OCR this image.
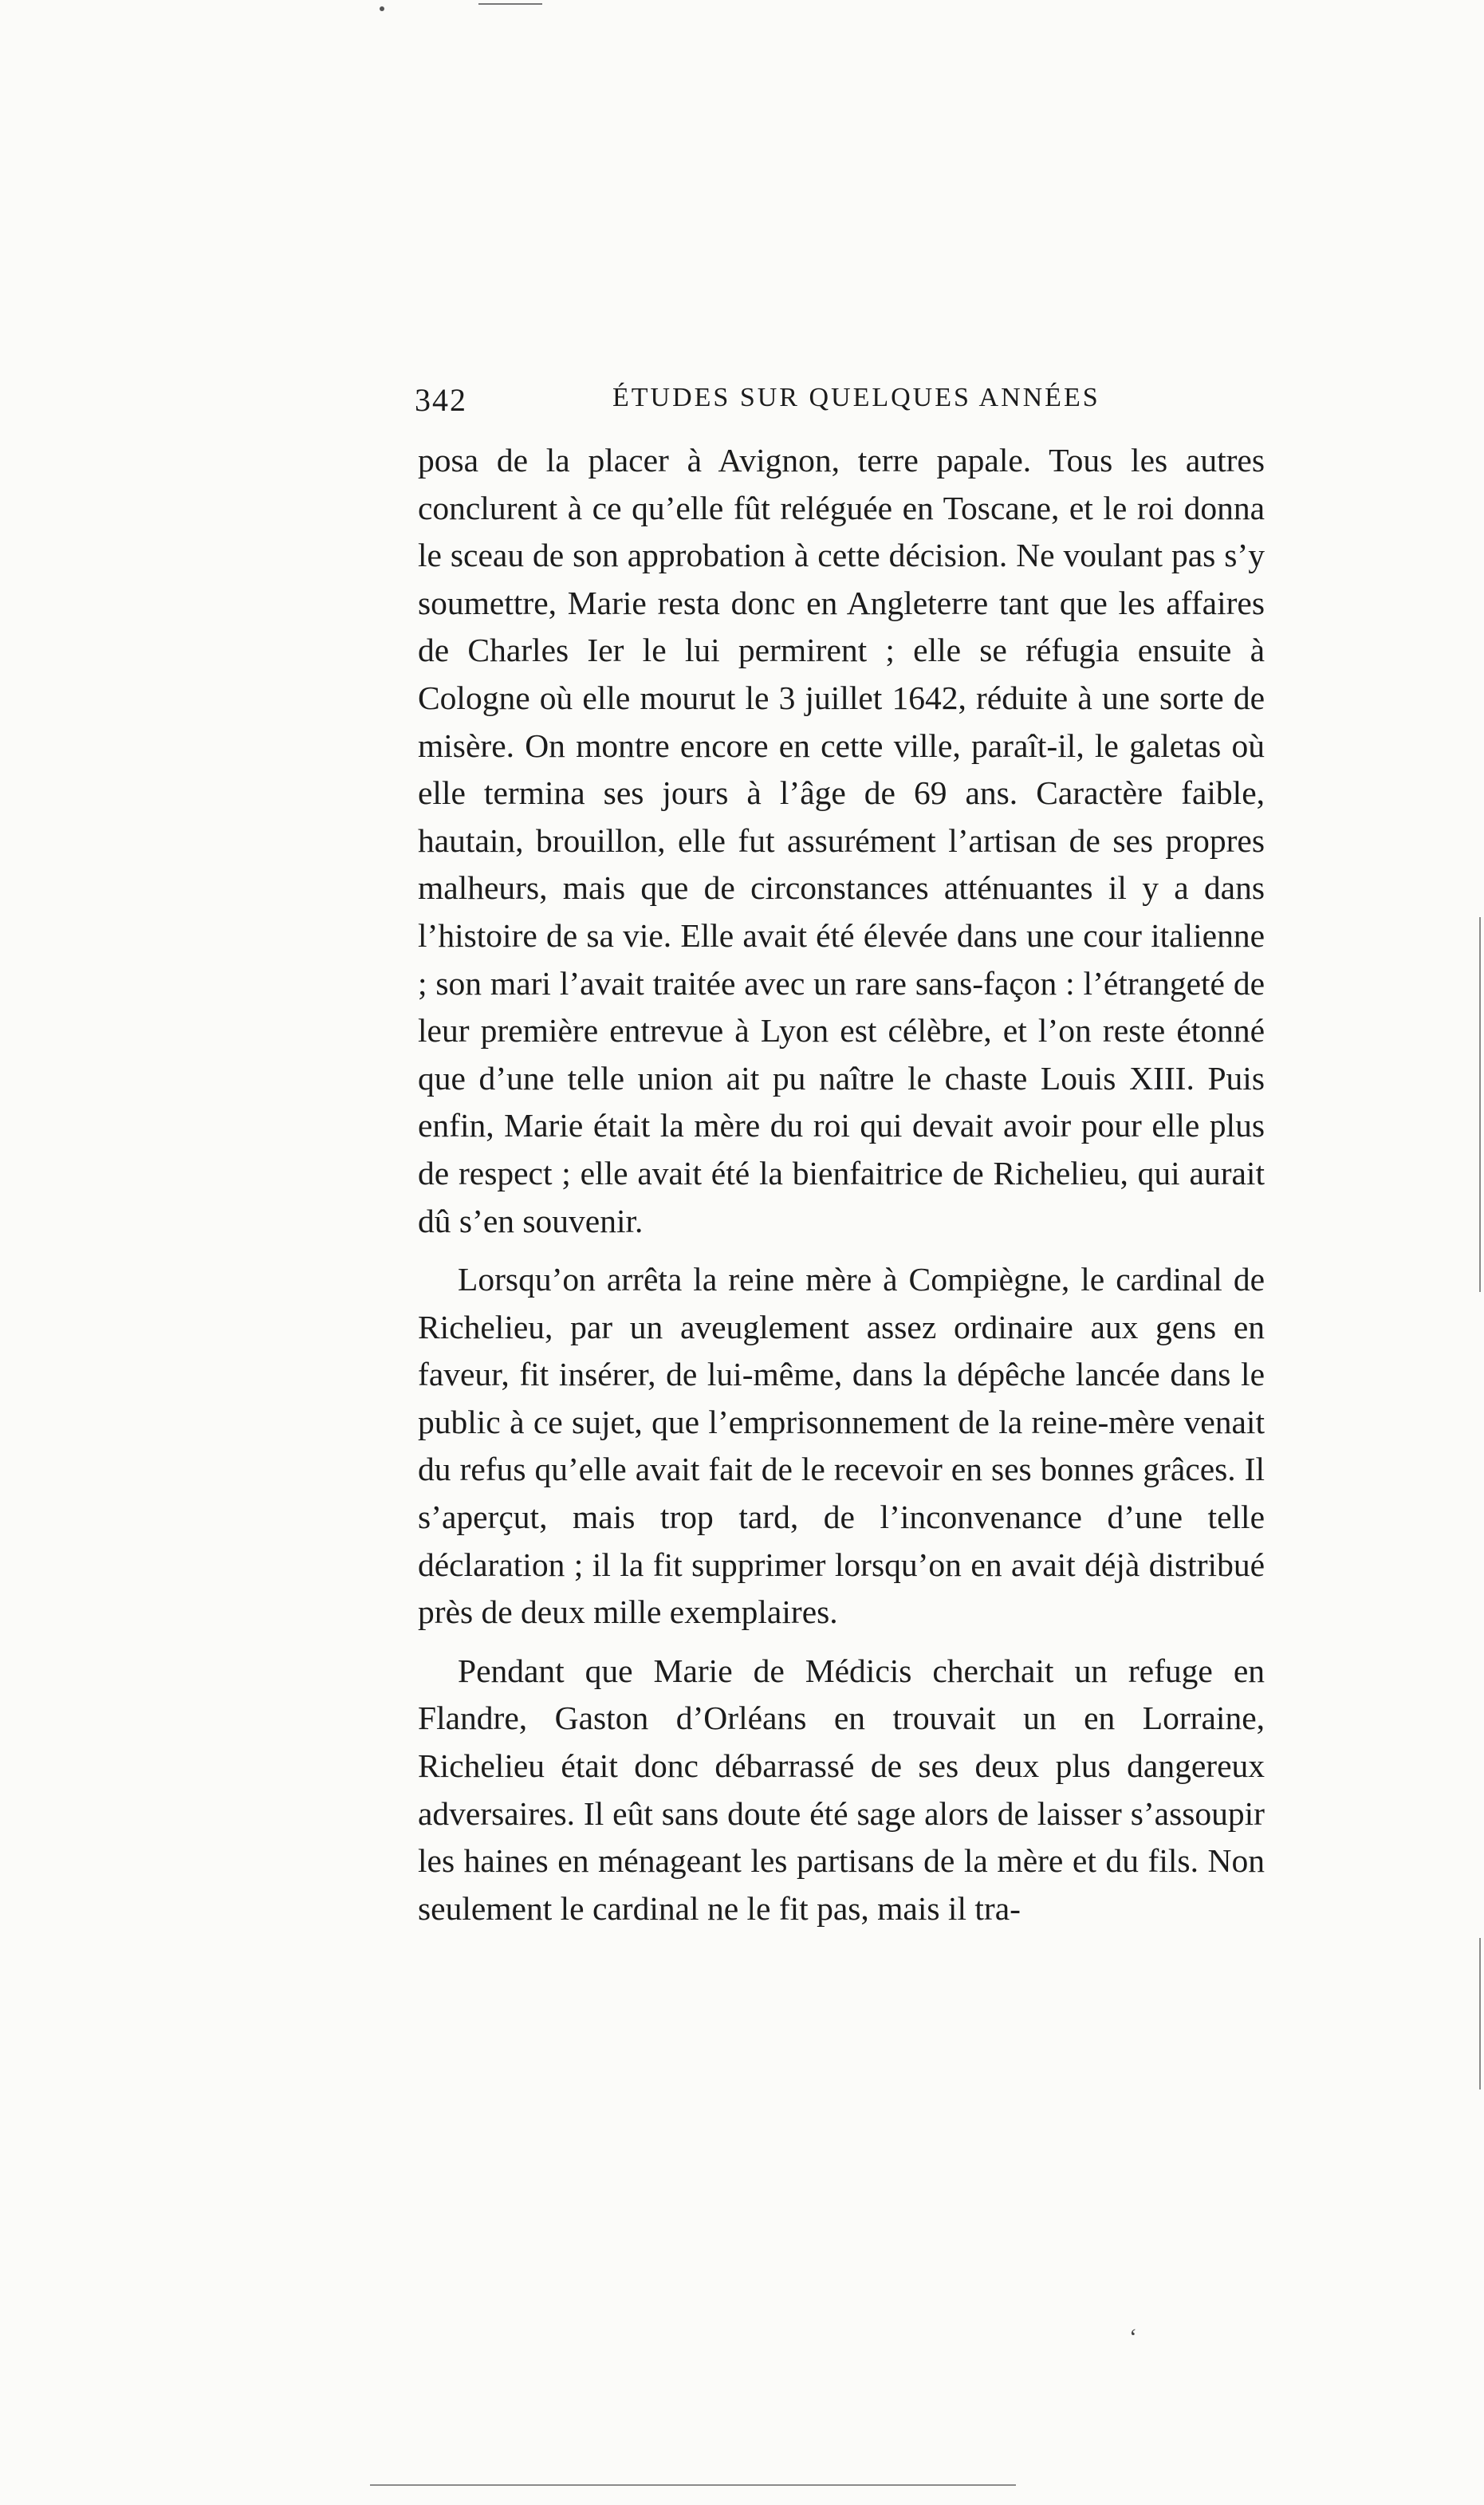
‘
342	ÉTUDES SUR QUELQUES ANNÉES

posa de la placer à Avignon, terre papale. Tous les autres conclurent à ce qu’elle fût reléguée en Toscane, et le roi donna le sceau de son approbation à cette décision. Ne voulant pas s’y soumettre, Marie resta donc en Angleterre tant que les affaires de Charles Ier le lui permirent ; elle se réfugia ensuite à Cologne où elle mourut le 3 juillet 1642, réduite à une sorte de misère. On montre encore en cette ville, paraît-il, le galetas où elle termina ses jours à l’âge de 69 ans. Caractère faible, hautain, brouillon, elle fut assurément l’artisan de ses propres malheurs, mais que de circonstances atténuantes il y a dans l’histoire de sa vie. Elle avait été élevée dans une cour italienne ; son mari l’avait traitée avec un rare sans-façon : l’étrangeté de leur première entrevue à Lyon est célèbre, et l’on reste étonné que d’une telle union ait pu naître le chaste Louis XIII. Puis enfin, Marie était la mère du roi qui devait avoir pour elle plus de respect ; elle avait été la bienfaitrice de Richelieu, qui aurait dû s’en souvenir.

Lorsqu’on arrêta la reine mère à Compiègne, le cardinal de Richelieu, par un aveuglement assez ordinaire aux gens en faveur, fit insérer, de lui-même, dans la dépêche lancée dans le public à ce sujet, que l’emprisonnement de la reine-mère venait du refus qu’elle avait fait de le recevoir en ses bonnes grâces. Il s’aperçut, mais trop tard, de l’inconvenance d’une telle déclaration ; il la fit supprimer lorsqu’on en avait déjà distribué près de deux mille exemplaires.

Pendant que Marie de Médicis cherchait un refuge en Flandre, Gaston d’Orléans en trouvait un en Lorraine, Richelieu était donc débarrassé de ses deux plus dangereux adversaires. Il eût sans doute été sage alors de laisser s’assoupir les haines en ménageant les partisans de la mère et du fils. Non seulement le cardinal ne le fit pas, mais il tra-
